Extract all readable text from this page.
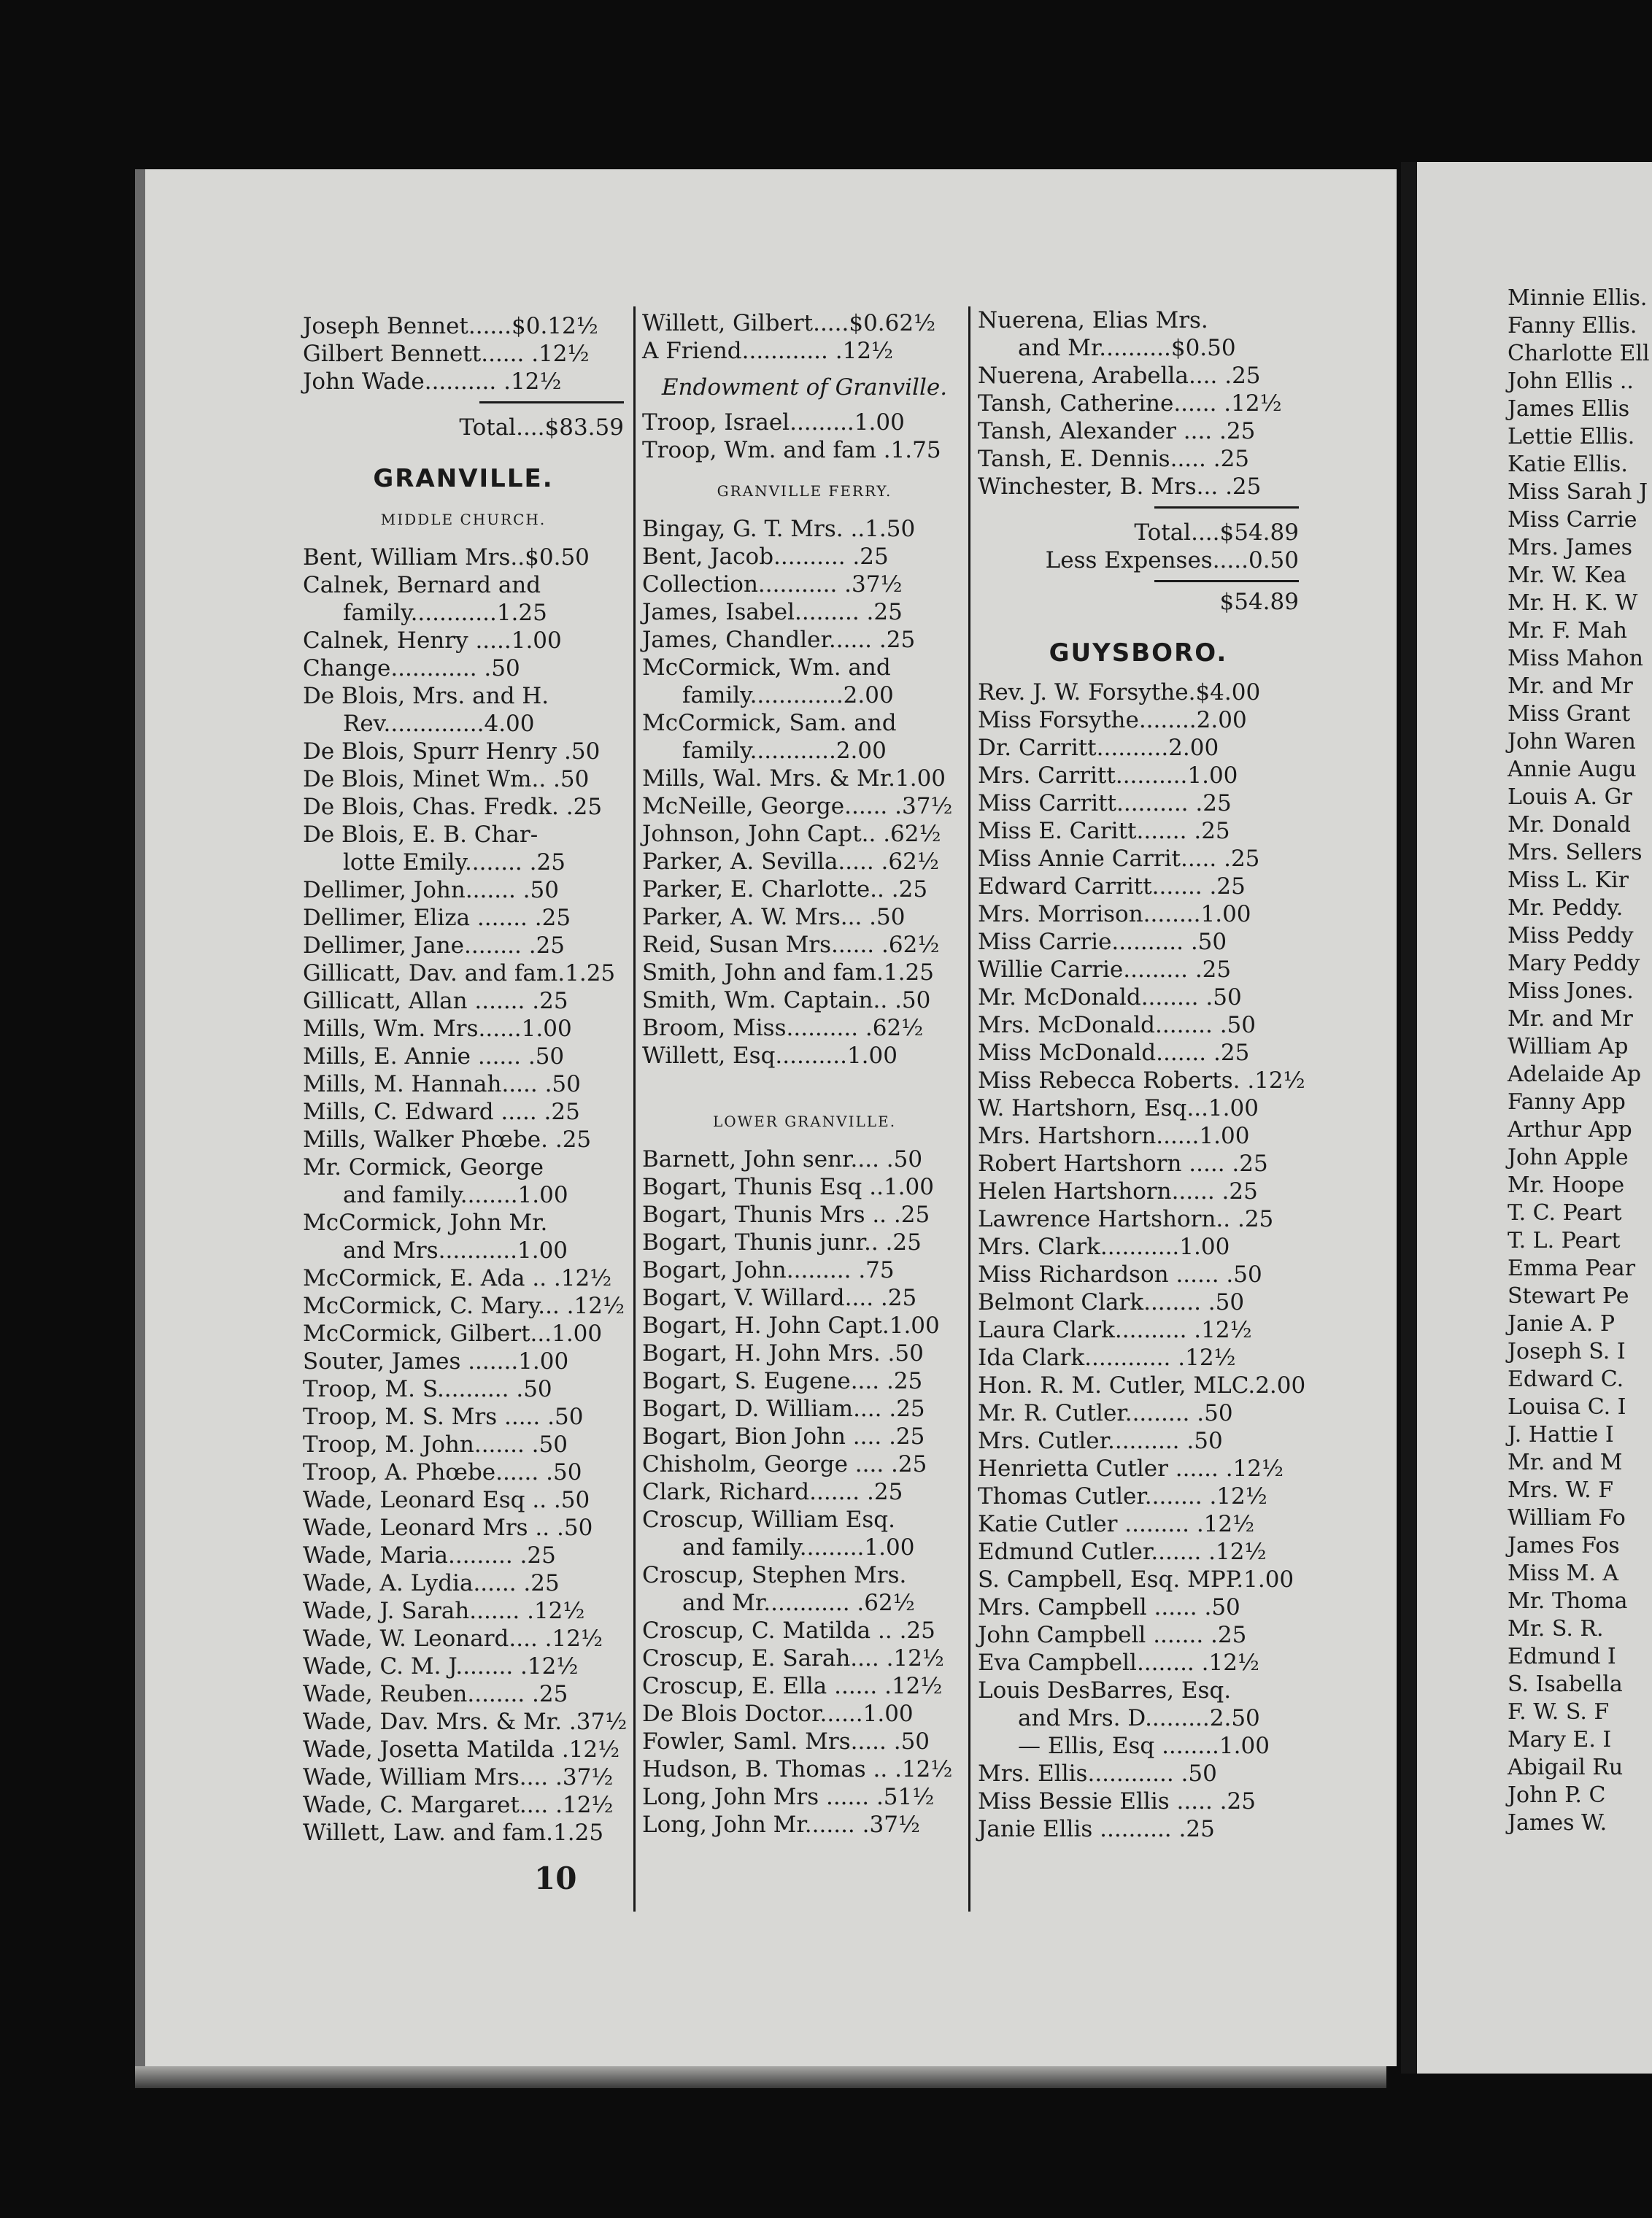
Joseph Bennet......$0.12½
Gilbert Bennett...... .12½
John Wade.......... .12½
Total....$83.59
GRANVILLE.
MIDDLE CHURCH.
Bent, William Mrs..$0.50
Calnek, Bernard and
family............1.25
Calnek, Henry .....1.00
Change............ .50
De Blois, Mrs. and H.
Rev..............4.00
De Blois, Spurr Henry .50
De Blois, Minet Wm.. .50
De Blois, Chas. Fredk. .25
De Blois, E. B. Char-
lotte Emily........ .25
Dellimer, John....... .50
Dellimer, Eliza ....... .25
Dellimer, Jane........ .25
Gillicatt, Dav. and fam.1.25
Gillicatt, Allan ....... .25
Mills, Wm. Mrs......1.00
Mills, E. Annie ...... .50
Mills, M. Hannah..... .50
Mills, C. Edward ..... .25
Mills, Walker Phœbe. .25
Mr. Cormick, George
and family........1.00
McCormick, John Mr.
and Mrs...........1.00
McCormick, E. Ada .. .12½
McCormick, C. Mary... .12½
McCormick, Gilbert...1.00
Souter, James .......1.00
Troop, M. S.......... .50
Troop, M. S. Mrs ..... .50
Troop, M. John....... .50
Troop, A. Phœbe...... .50
Wade, Leonard Esq .. .50
Wade, Leonard Mrs .. .50
Wade, Maria......... .25
Wade, A. Lydia...... .25
Wade, J. Sarah....... .12½
Wade, W. Leonard.... .12½
Wade, C. M. J........ .12½
Wade, Reuben........ .25
Wade, Dav. Mrs. & Mr. .37½
Wade, Josetta Matilda .12½
Wade, William Mrs.... .37½
Wade, C. Margaret.... .12½
Willett, Law. and fam.1.25
Willett, Gilbert.....$0.62½
A Friend............ .12½
Endowment of Granville.
Troop, Israel.........1.00
Troop, Wm. and fam .1.75
GRANVILLE FERRY.
Bingay, G. T. Mrs. ..1.50
Bent, Jacob.......... .25
Collection........... .37½
James, Isabel......... .25
James, Chandler...... .25
McCormick, Wm. and
family.............2.00
McCormick, Sam. and
family............2.00
Mills, Wal. Mrs. & Mr.1.00
McNeille, George...... .37½
Johnson, John Capt.. .62½
Parker, A. Sevilla..... .62½
Parker, E. Charlotte.. .25
Parker, A. W. Mrs... .50
Reid, Susan Mrs...... .62½
Smith, John and fam.1.25
Smith, Wm. Captain.. .50
Broom, Miss.......... .62½
Willett, Esq..........1.00
LOWER GRANVILLE.
Barnett, John senr.... .50
Bogart, Thunis Esq ..1.00
Bogart, Thunis Mrs .. .25
Bogart, Thunis junr.. .25
Bogart, John......... .75
Bogart, V. Willard.... .25
Bogart, H. John Capt.1.00
Bogart, H. John Mrs. .50
Bogart, S. Eugene.... .25
Bogart, D. William.... .25
Bogart, Bion John .... .25
Chisholm, George .... .25
Clark, Richard....... .25
Croscup, William Esq.
and family.........1.00
Croscup, Stephen Mrs.
and Mr............ .62½
Croscup, C. Matilda .. .25
Croscup, E. Sarah.... .12½
Croscup, E. Ella ...... .12½
De Blois Doctor......1.00
Fowler, Saml. Mrs..... .50
Hudson, B. Thomas .. .12½
Long, John Mrs ...... .51½
Long, John Mr....... .37½
Nuerena, Elias Mrs.
and Mr..........$0.50
Nuerena, Arabella.... .25
Tansh, Catherine...... .12½
Tansh, Alexander .... .25
Tansh, E. Dennis..... .25
Winchester, B. Mrs... .25
Total....$54.89
Less Expenses.....0.50
$54.89
GUYSBORO.
Rev. J. W. Forsythe.$4.00
Miss Forsythe........2.00
Dr. Carritt..........2.00
Mrs. Carritt..........1.00
Miss Carritt.......... .25
Miss E. Caritt....... .25
Miss Annie Carrit..... .25
Edward Carritt....... .25
Mrs. Morrison........1.00
Miss Carrie.......... .50
Willie Carrie......... .25
Mr. McDonald........ .50
Mrs. McDonald........ .50
Miss McDonald....... .25
Miss Rebecca Roberts. .12½
W. Hartshorn, Esq...1.00
Mrs. Hartshorn......1.00
Robert Hartshorn ..... .25
Helen Hartshorn...... .25
Lawrence Hartshorn.. .25
Mrs. Clark...........1.00
Miss Richardson ...... .50
Belmont Clark........ .50
Laura Clark.......... .12½
Ida Clark............ .12½
Hon. R. M. Cutler, MLC.2.00
Mr. R. Cutler......... .50
Mrs. Cutler.......... .50
Henrietta Cutler ...... .12½
Thomas Cutler........ .12½
Katie Cutler ......... .12½
Edmund Cutler....... .12½
S. Campbell, Esq. MPP.1.00
Mrs. Campbell ...... .50
John Campbell ....... .25
Eva Campbell........ .12½
Louis DesBarres, Esq.
and Mrs. D.........2.50
— Ellis, Esq ........1.00
Mrs. Ellis............ .50
Miss Bessie Ellis ..... .25
Janie Ellis .......... .25
Minnie Ellis.
Fanny Ellis.
Charlotte Ell
John Ellis ..
James Ellis
Lettie Ellis.
Katie Ellis.
Miss Sarah J
Miss Carrie
Mrs. James
Mr. W. Kea
Mr. H. K. W
Mr. F. Mah
Miss Mahon
Mr. and Mr
Miss Grant
John Waren
Annie Augu
Louis A. Gr
Mr. Donald
Mrs. Sellers
Miss L. Kir
Mr. Peddy.
Miss Peddy
Mary Peddy
Miss Jones.
Mr. and Mr
William Ap
Adelaide Ap
Fanny App
Arthur App
John Apple
Mr. Hoope
T. C. Peart
T. L. Peart
Emma Pear
Stewart Pe
Janie A. P
Joseph S. I
Edward C.
Louisa C. I
J. Hattie I
Mr. and M
Mrs. W. F
William Fo
James Fos
Miss M. A
Mr. Thoma
Mr. S. R.
Edmund I
S. Isabella
F. W. S. F
Mary E. I
Abigail Ru
John P. C
James W.
10
